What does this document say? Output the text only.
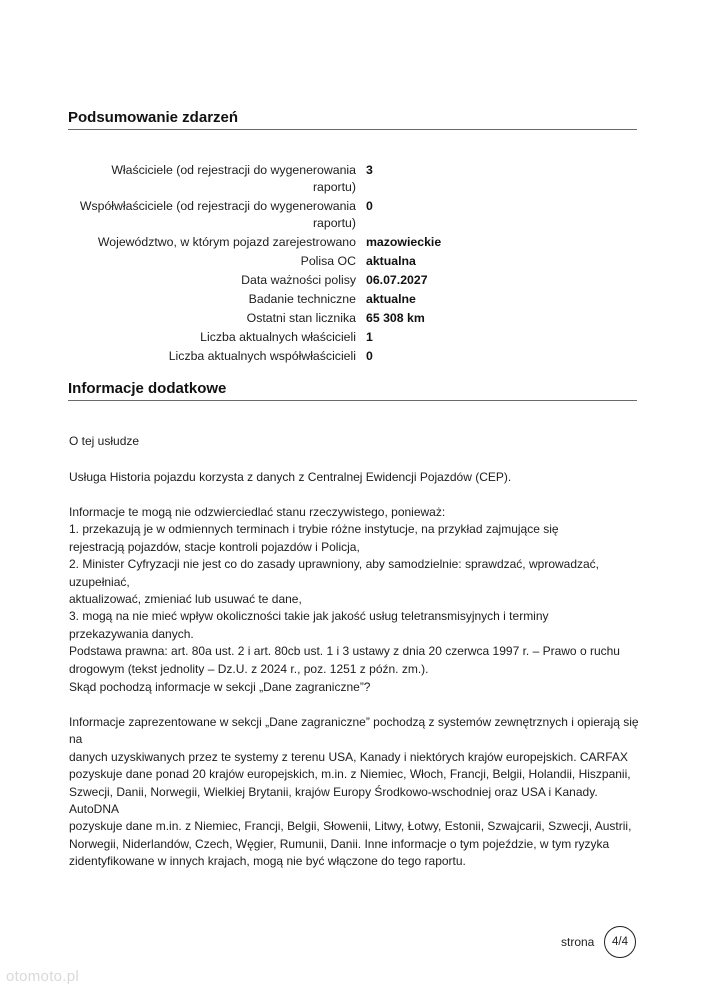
Podsumowanie zdarzeń
Właściciele (od rejestracji do wygenerowania raportu)
3
Współwłaściciele (od rejestracji do wygenerowania raportu)
0
Województwo, w którym pojazd zarejestrowano mazowieckie
Polisa OC aktualna
Data ważności polisy 06.07.2027
Badanie techniczne aktualne
Ostatni stan licznika 65 308 km
Liczba aktualnych właścicieli 1
Liczba aktualnych współwłaścicieli 0
Informacje dodatkowe
O tej usłudze
Usługa Historia pojazdu korzysta z danych z Centralnej Ewidencji Pojazdów (CEP).

Informacje te mogą nie odzwierciedlać stanu rzeczywistego, ponieważ:

1. przekazują je w odmiennych terminach i trybie różne instytucje, na przykład zajmujące się

rejestracją pojazdów, stacje kontroli pojazdów i Policja,

2. Minister Cyfryzacji nie jest co do zasady uprawniony, aby samodzielnie: sprawdzać, wprowadzać, uzupełniać,

aktualizować, zmieniać lub usuwać te dane,

3. mogą na nie mieć wpływ okoliczności takie jak jakość usług teletransmisyjnych i terminy

przekazywania danych.

Podstawa prawna: art. 80a ust. 2 i art. 80cb ust. 1 i 3 ustawy z dnia 20 czerwca 1997 r. – Prawo o ruchu

drogowym (tekst jednolity – Dz.U. z 2024 r., poz. 1251 z późn. zm.).

Skąd pochodzą informacje w sekcji „Dane zagraniczne”?

Informacje zaprezentowane w sekcji „Dane zagraniczne” pochodzą z systemów zewnętrznych i opierają się na

danych uzyskiwanych przez te systemy z terenu USA, Kanady i niektórych krajów europejskich. CARFAX

pozyskuje dane ponad 20 krajów europejskich, m.in. z Niemiec, Włoch, Francji, Belgii, Holandii, Hiszpanii,

Szwecji, Danii, Norwegii, Wielkiej Brytanii, krajów Europy Środkowo-wschodniej oraz USA i Kanady. AutoDNA

pozyskuje dane m.in. z Niemiec, Francji, Belgii, Słowenii, Litwy, Łotwy, Estonii, Szwajcarii, Szwecji, Austrii,

Norwegii, Niderlandów, Czech, Węgier, Rumunii, Danii. Inne informacje o tym pojeździe, w tym ryzyka

zidentyfikowane w innych krajach, mogą nie być włączone do tego raportu.

strona 4/4
otomoto.pl
